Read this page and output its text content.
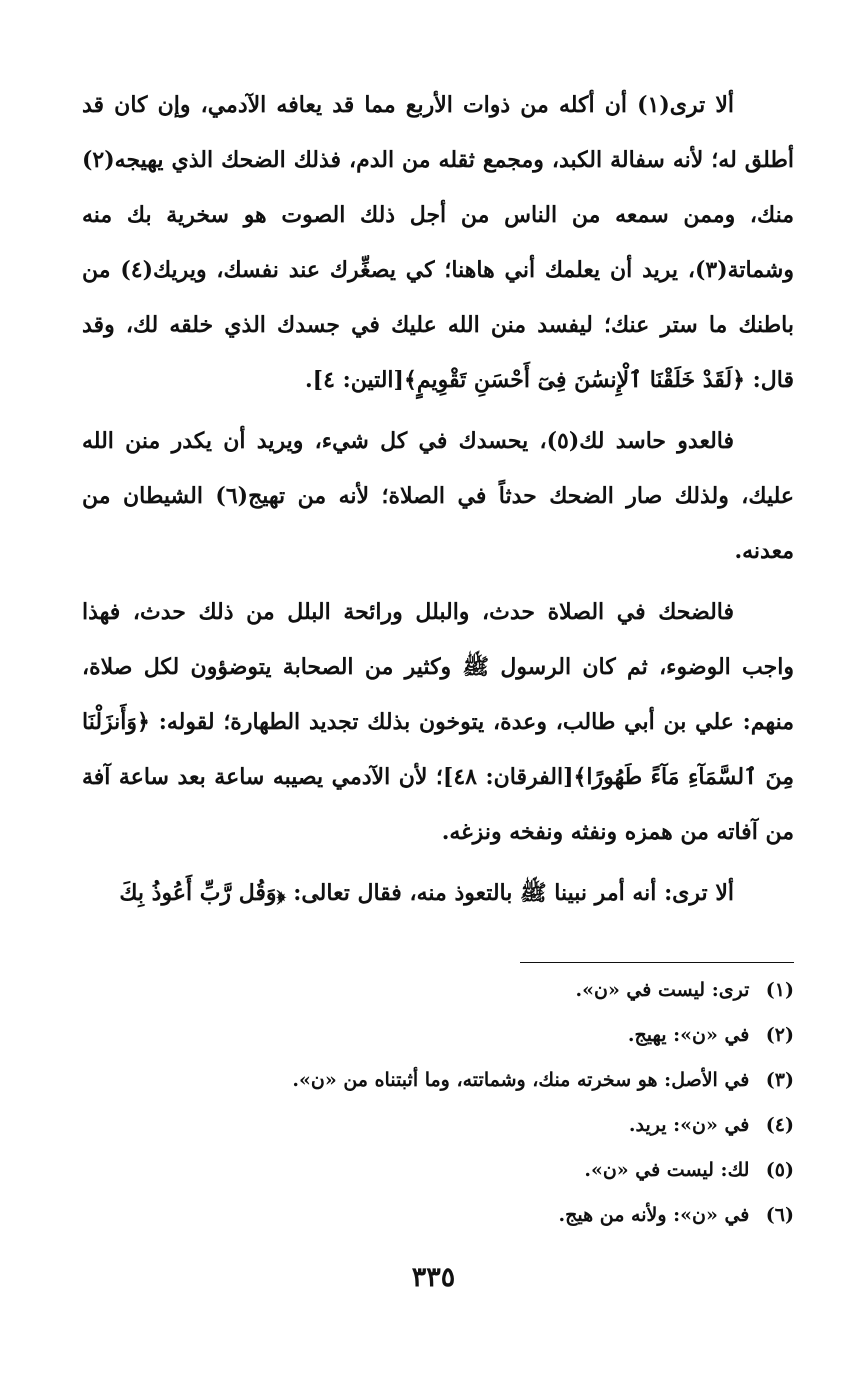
ألا ترى(١) أن أكله من ذوات الأربع مما قد يعافه الآدمي، وإن كان قد أطلق له؛ لأنه سفالة الكبد، ومجمع ثقله من الدم، فذلك الضحك الذي يهيجه(٢) منك، وممن سمعه من الناس من أجل ذلك الصوت هو سخرية بك منه وشماتة(٣)، يريد أن يعلمك أني هاهنا؛ كي يصغِّرك عند نفسك، ويريك(٤) من باطنك ما ستر عنك؛ ليفسد منن الله عليك في جسدك الذي خلقه لك، وقد قال: ﴿لَقَدْ خَلَقْنَا ٱلْإِنسَٰنَ فِىٓ أَحْسَنِ تَقْوِيمٍ﴾[التين: ٤].

فالعدو حاسد لك(٥)، يحسدك في كل شيء، ويريد أن يكدر منن الله عليك، ولذلك صار الضحك حدثاً في الصلاة؛ لأنه من تهيج(٦) الشيطان من معدنه.

فالضحك في الصلاة حدث، والبلل ورائحة البلل من ذلك حدث، فهذا واجب الوضوء، ثم كان الرسول ﷺ وكثير من الصحابة يتوضؤون لكل صلاة، منهم: علي بن أبي طالب، وعدة، يتوخون بذلك تجديد الطهارة؛ لقوله: ﴿وَأَنزَلْنَا مِنَ ٱلسَّمَآءِ مَآءً طَهُورًا﴾[الفرقان: ٤٨]؛ لأن الآدمي يصيبه ساعة بعد ساعة آفة من آفاته من همزه ونفثه ونفخه ونزغه.

ألا ترى: أنه أمر نبينا ﷺ بالتعوذ منه، فقال تعالى: ﴿وَقُل رَّبِّ أَعُوذُ بِكَ

(١) ترى: ليست في «ن».
(٢) في «ن»: يهيج.
(٣) في الأصل: هو سخرته منك، وشماتته، وما أثبتناه من «ن».
(٤) في «ن»: يريد.
(٥) لك: ليست في «ن».
(٦) في «ن»: ولأنه من هيج.
٣٣٥
